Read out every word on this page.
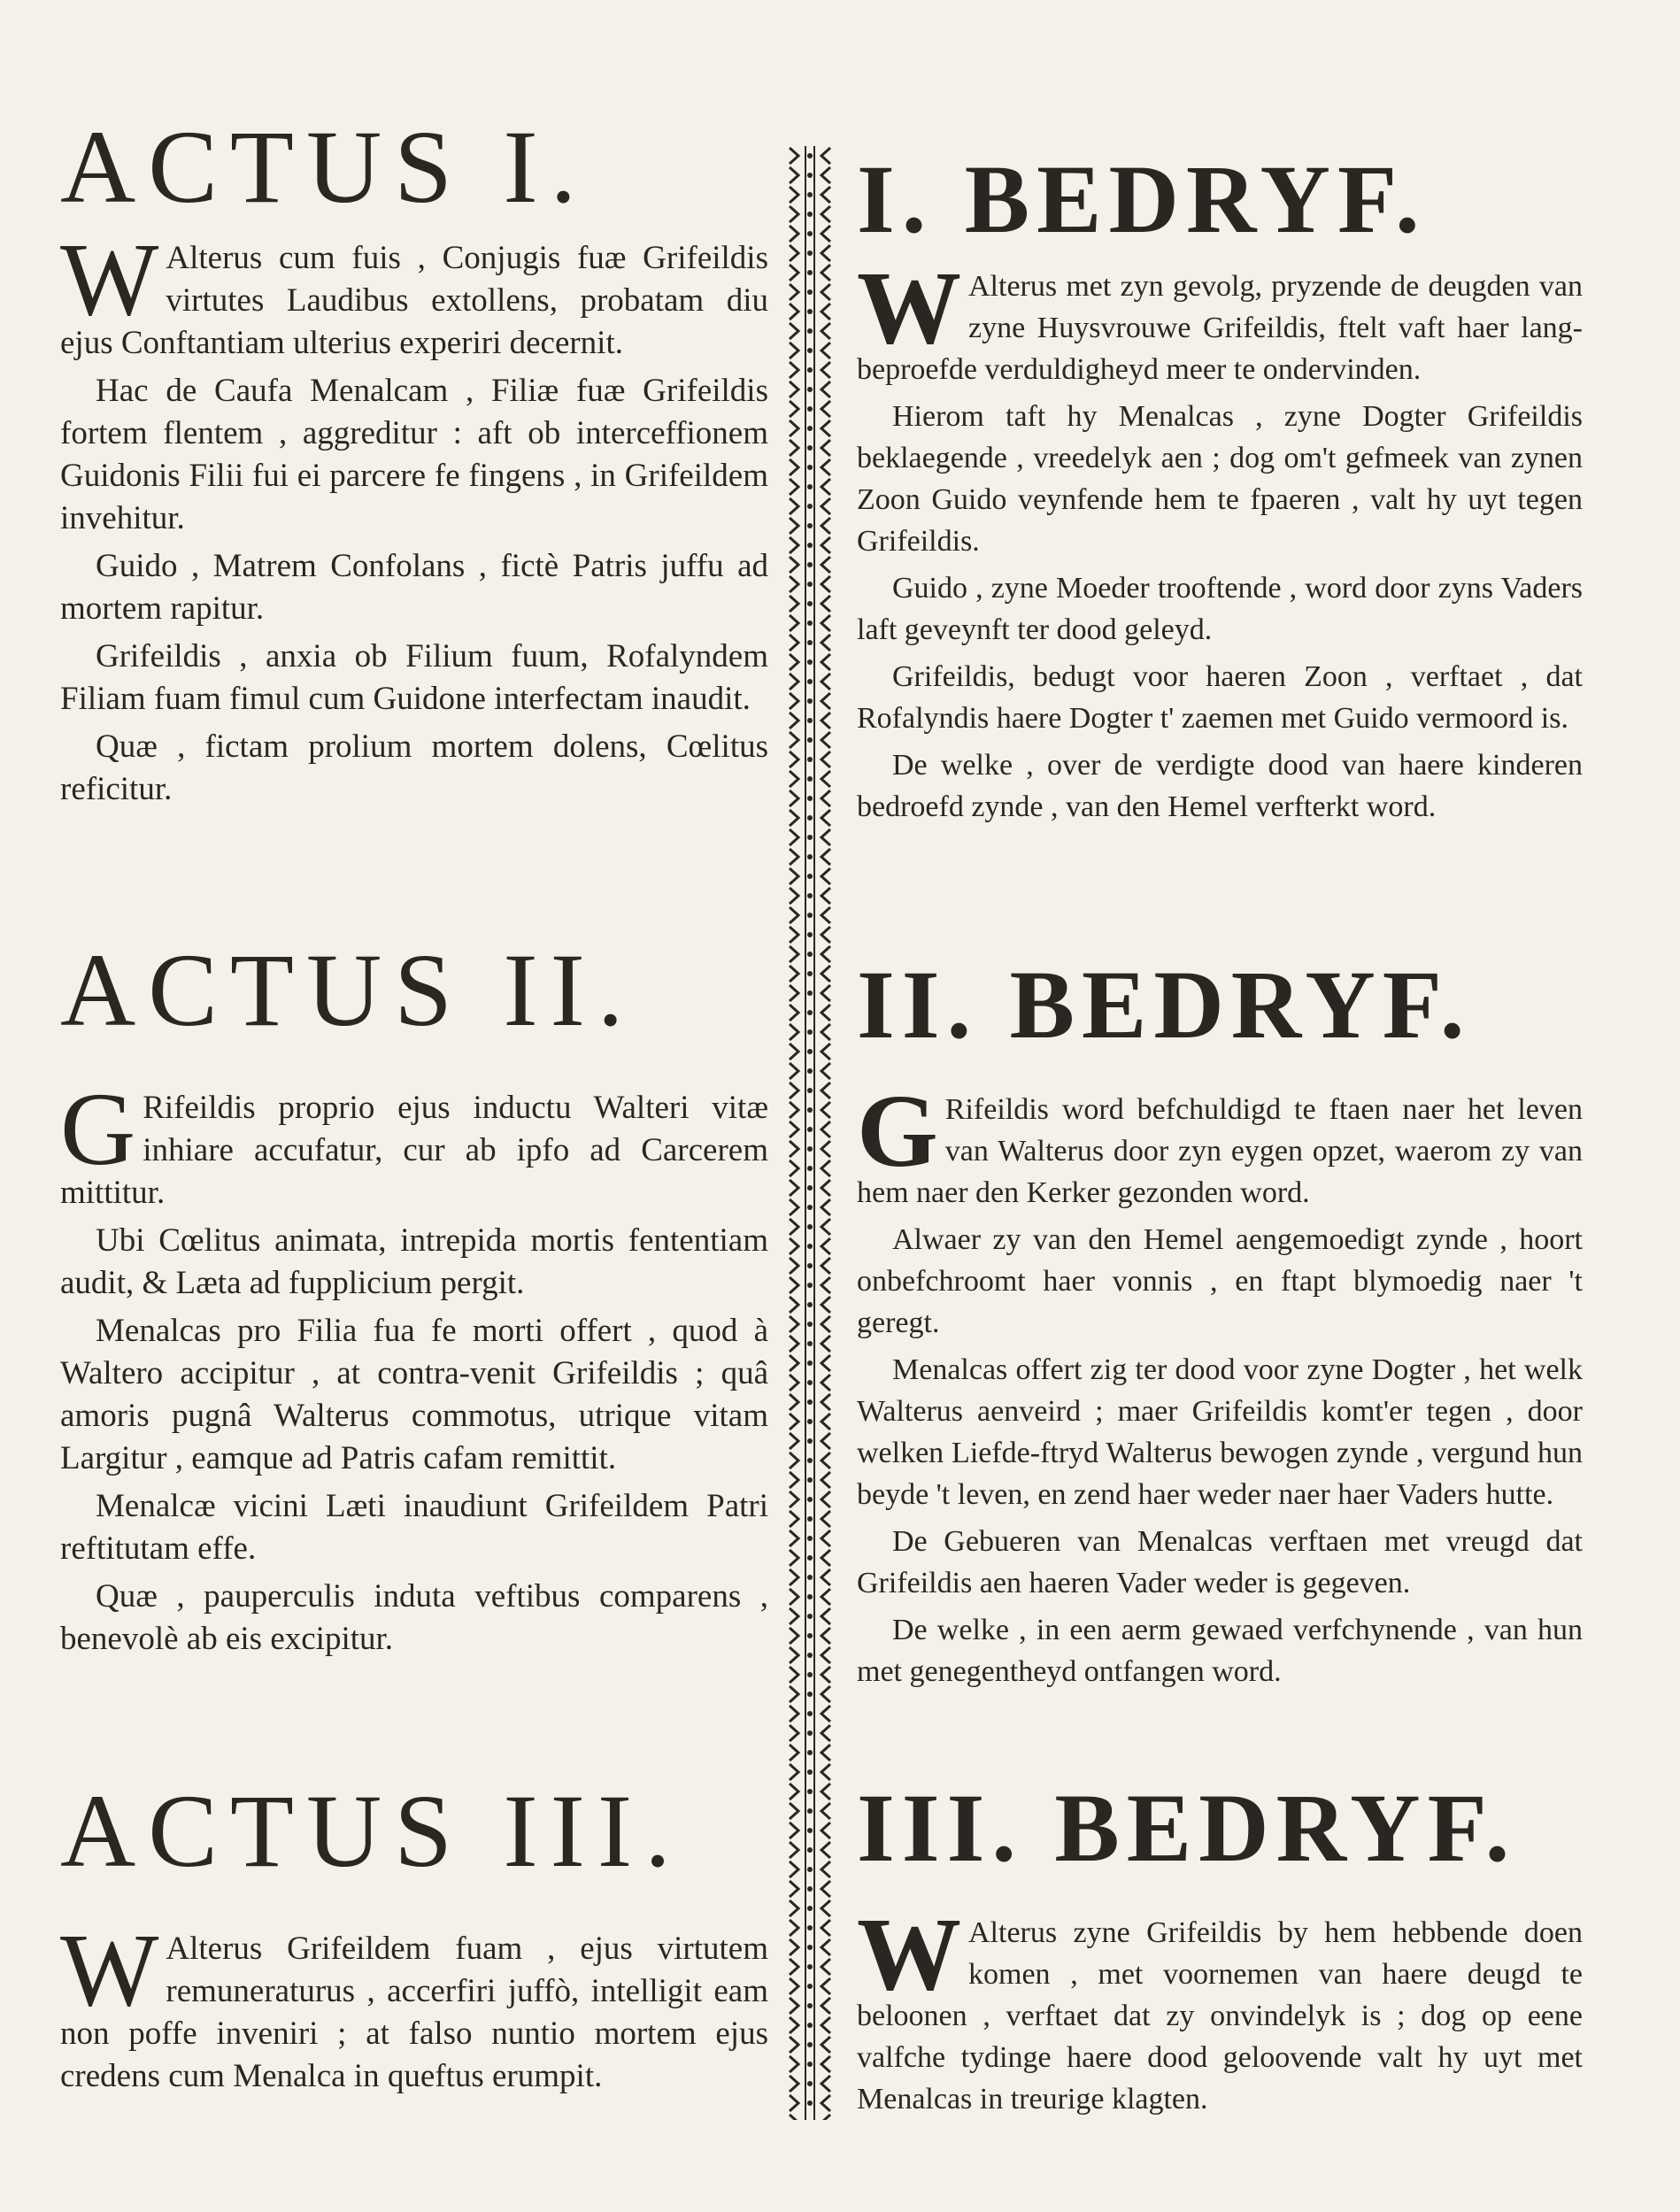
ACTUS I.

W Alterus cum fuis , Conjugis fuæ Grifeildis virtutes Laudibus extollens, probatam diu ejus Conftantiam ulterius experiri decernit.

Hac de Caufa Menalcam , Filiæ fuæ Grifeildis fortem flentem , aggreditur : aft ob interceffionem Guidonis Filii fui ei parcere fe fingens , in Grifeildem invehitur.

Guido , Matrem Confolans , fictè Patris juffu ad mortem rapitur.

Grifeildis , anxia ob Filium fuum, Rofalyndem Filiam fuam fimul cum Guidone interfectam inaudit.

Quæ , fictam prolium mortem dolens, Cœlitus reficitur.

ACTUS II.

G Rifeildis proprio ejus inductu Walteri vitæ inhiare accufatur, cur ab ipfo ad Carcerem mittitur.

Ubi Cœlitus animata, intrepida mortis fententiam audit, & Læta ad fupplicium pergit.

Menalcas pro Filia fua fe morti offert , quod à Waltero accipitur , at contra-venit Grifeildis ; quâ amoris pugnâ Walterus commotus, utrique vitam Largitur , eamque ad Patris cafam remittit.

Menalcæ vicini Læti inaudiunt Grifeildem Patri reftitutam effe.

Quæ , pauperculis induta veftibus comparens , benevolè ab eis excipitur.

ACTUS III.

W Alterus Grifeildem fuam , ejus virtutem remuneraturus , accerfiri juffò, intelligit eam non poffe inveniri ; at falso nuntio mortem ejus credens cum Menalca in queftus erumpit.

I. BEDRYF.

W Alterus met zyn gevolg, pryzende de deugden van zyne Huysvrouwe Grifeildis, ftelt vaft haer lang-beproefde verduldigheyd meer te ondervinden.

Hierom taft hy Menalcas , zyne Dogter Grifeildis beklaegende , vreedelyk aen ; dog om't gefmeek van zynen Zoon Guido veynfende hem te fpaeren , valt hy uyt tegen Grifeildis.

Guido , zyne Moeder trooftende , word door zyns Vaders laft geveynft ter dood geleyd.

Grifeildis, bedugt voor haeren Zoon , verftaet , dat Rofalyndis haere Dogter t' zaemen met Guido vermoord is.

De welke , over de verdigte dood van haere kinderen bedroefd zynde , van den Hemel verfterkt word.

II. BEDRYF.

G Rifeildis word befchuldigd te ftaen naer het leven van Walterus door zyn eygen opzet, waerom zy van hem naer den Kerker gezonden word.

Alwaer zy van den Hemel aengemoedigt zynde , hoort onbefchroomt haer vonnis , en ftapt blymoedig naer 't geregt.

Menalcas offert zig ter dood voor zyne Dogter , het welk Walterus aenveird ; maer Grifeildis komt'er tegen , door welken Liefde-ftryd Walterus bewogen zynde , vergund hun beyde 't leven, en zend haer weder naer haer Vaders hutte.

De Gebueren van Menalcas verftaen met vreugd dat Grifeildis aen haeren Vader weder is gegeven.

De welke , in een aerm gewaed verfchynende , van hun met genegentheyd ontfangen word.

III. BEDRYF.

W Alterus zyne Grifeildis by hem hebbende doen komen , met voornemen van haere deugd te beloonen , verftaet dat zy onvindelyk is ; dog op eene valfche tydinge haere dood geloovende valt hy uyt met Menalcas in treurige klagten.
